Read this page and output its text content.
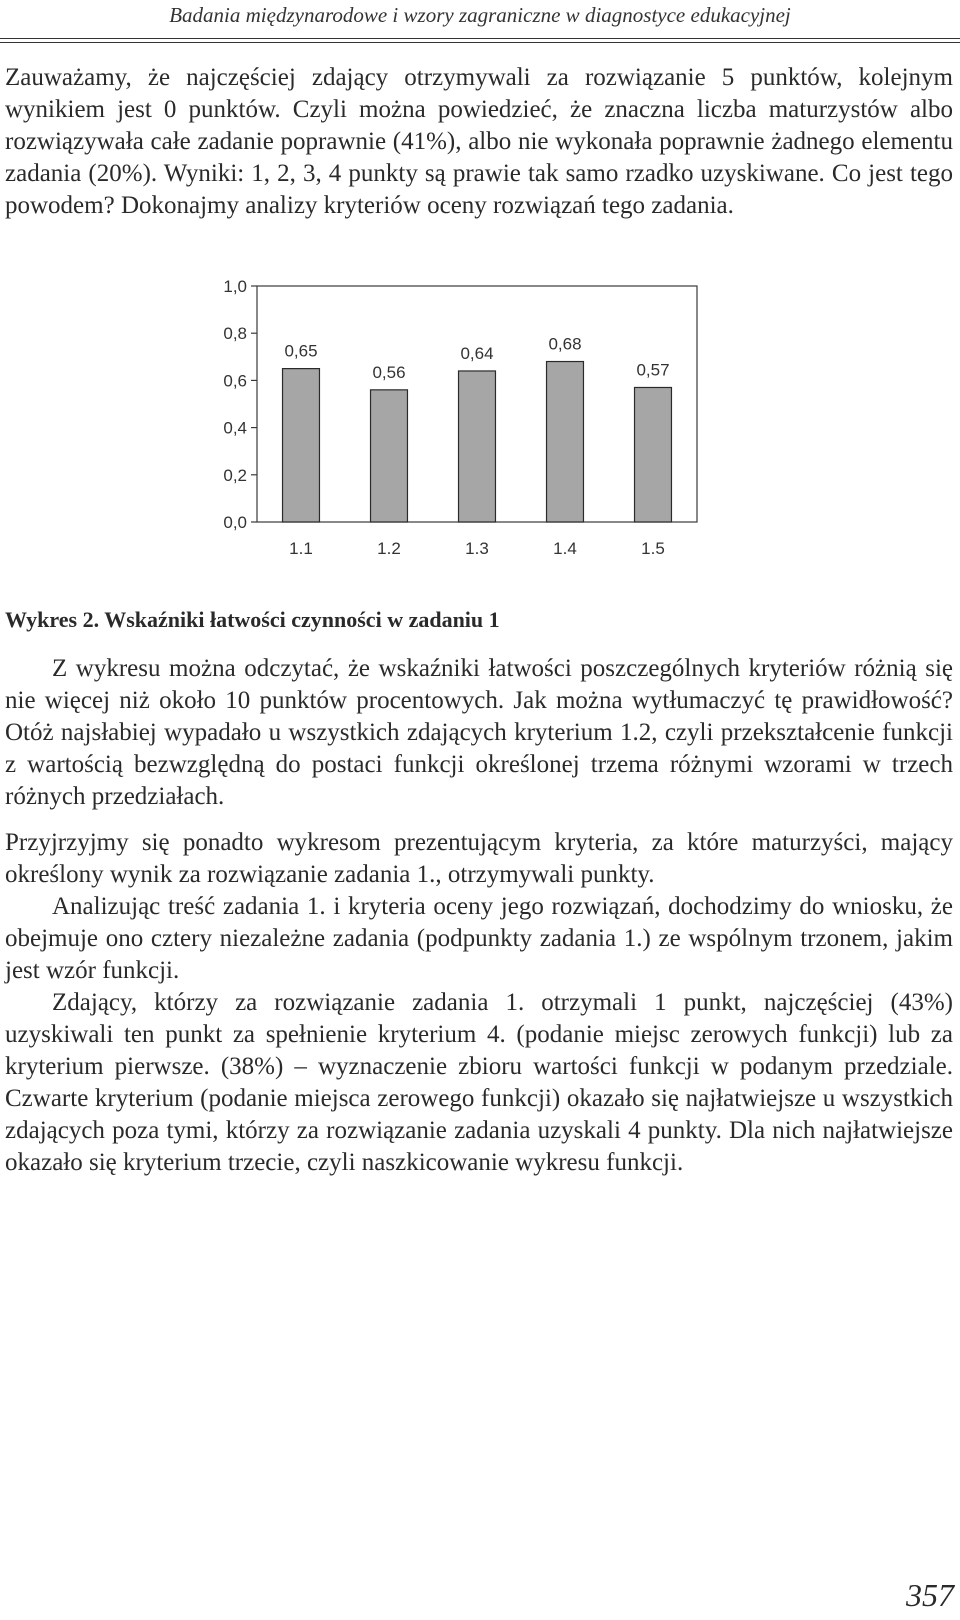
Badania międzynarodowe i wzory zagraniczne w diagnostyce edukacyjnej

Zauważamy, że najczęściej zdający otrzymywali za rozwiązanie 5 punktów, kolejnym wynikiem jest 0 punktów. Czyli można powiedzieć, że znaczna liczba maturzystów albo rozwiązywała całe zadanie poprawnie (41%), albo nie wykonała poprawnie żadnego elementu zadania (20%). Wyniki: 1, 2, 3, 4 punkty są prawie tak samo rzadko uzyskiwane. Co jest tego powodem? Dokonajmy analizy kryteriów oceny rozwiązań tego zadania.

0,0
0,2
0,4
0,6
0,8
1,0
0,65
0,56
0,64	0,68
0,57
1.1	1.2	1.3	1.4	1.5
Wykres 2. Wskaźniki łatwości czynności w zadaniu 1

Z wykresu można odczytać, że wskaźniki łatwości poszczególnych kryteriów różnią się nie więcej niż około 10 punktów procentowych. Jak można wytłumaczyć tę prawidłowość? Otóż najsłabiej wypadało u wszystkich zdających kryterium 1.2, czyli przekształcenie funkcji z wartością bezwzględną do postaci funkcji określonej trzema różnymi wzorami w trzech różnych przedziałach.

Przyjrzyjmy się ponadto wykresom prezentującym kryteria, za które maturzyści, mający określony wynik za rozwiązanie zadania 1., otrzymywali punkty.

Analizując treść zadania 1. i kryteria oceny jego rozwiązań, dochodzimy do wniosku, że obejmuje ono cztery niezależne zadania (podpunkty zadania 1.) ze wspólnym trzonem, jakim jest wzór funkcji.

Zdający, którzy za rozwiązanie zadania 1. otrzymali 1 punkt, najczęściej (43%) uzyskiwali ten punkt za spełnienie kryterium 4. (podanie miejsc zerowych funkcji) lub za kryterium pierwsze. (38%) – wyznaczenie zbioru wartości funkcji w podanym przedziale. Czwarte kryterium (podanie miejsca zerowego funkcji) okazało się najłatwiejsze u wszystkich zdających poza tymi, którzy za rozwiązanie zadania uzyskali 4 punkty. Dla nich najłatwiejsze okazało się kryterium trzecie, czyli naszkicowanie wykresu funkcji.

357
